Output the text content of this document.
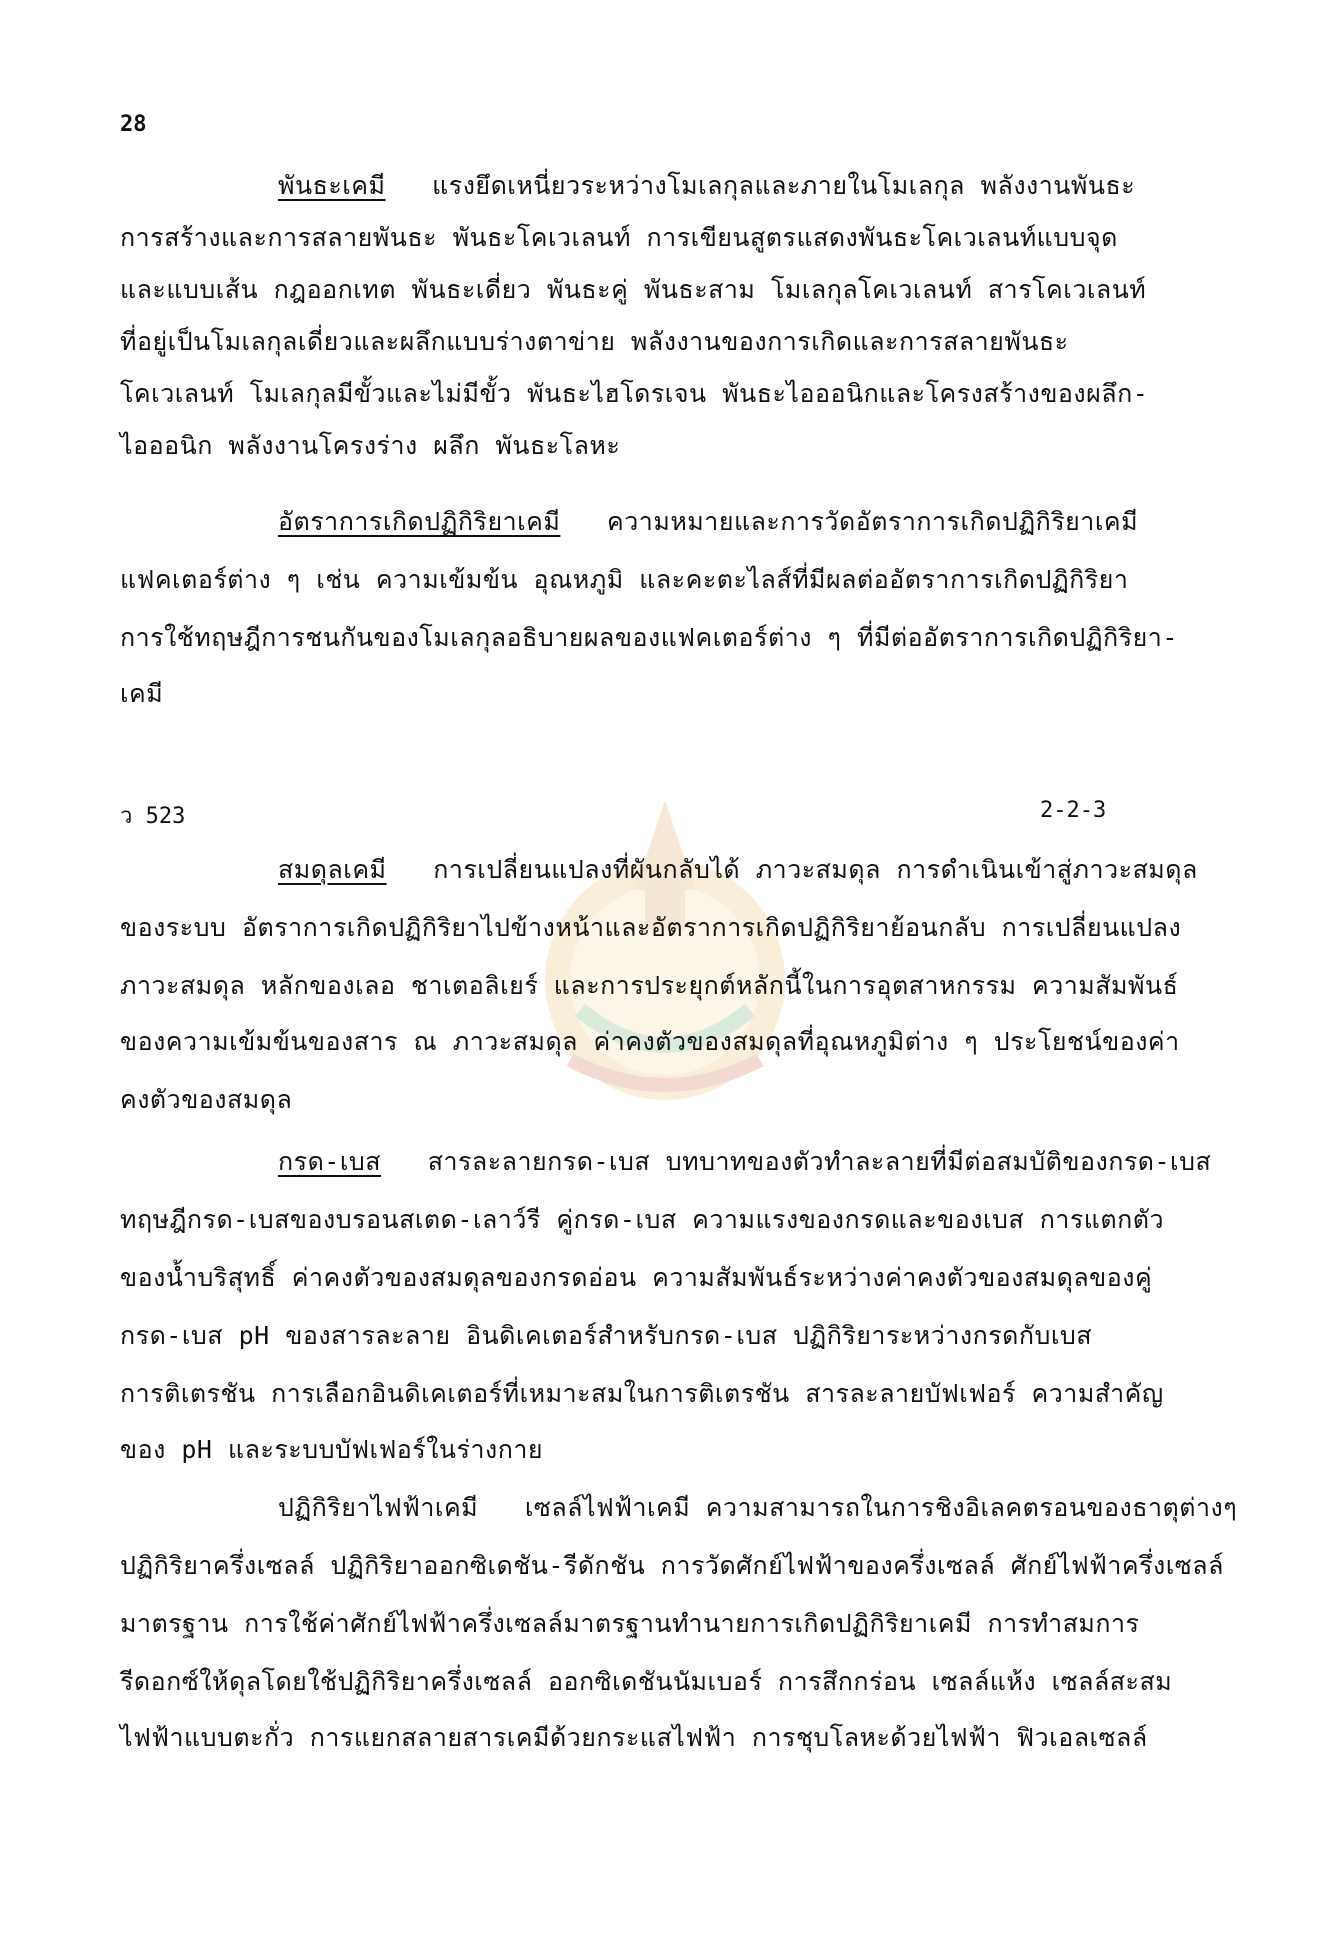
28
พันธะเคมี แรงยึดเหนี่ยวระหว่างโมเลกุลและภายในโมเลกุล พลังงานพันธะ
การสร้างและการสลายพันธะ พันธะโคเวเลนท์ การเขียนสูตรแสดงพันธะโคเวเลนท์แบบจุด
และแบบเส้น กฎออกเทต พันธะเดี่ยว พันธะคู่ พันธะสาม โมเลกุลโคเวเลนท์ สารโคเวเลนท์
ที่อยู่เป็นโมเลกุลเดี่ยวและผลึกแบบร่างตาข่าย พลังงานของการเกิดและการสลายพันธะ
โคเวเลนท์ โมเลกุลมีขั้วและไม่มีขั้ว พันธะไฮโดรเจน พันธะไอออนิกและโครงสร้างของผลึก-
ไอออนิก พลังงานโครงร่าง ผลึก พันธะโลหะ
อัตราการเกิดปฏิกิริยาเคมี ความหมายและการวัดอัตราการเกิดปฏิกิริยาเคมี
แฟคเตอร์ต่าง ๆ เช่น ความเข้มข้น อุณหภูมิ และคะตะไลส์ที่มีผลต่ออัตราการเกิดปฏิกิริยา
การใช้ทฤษฎีการชนกันของโมเลกุลอธิบายผลของแฟคเตอร์ต่าง ๆ ที่มีต่ออัตราการเกิดปฏิกิริยา-
เคมี
ว 523	2-2-3
สมดุลเคมี การเปลี่ยนแปลงที่ผันกลับได้ ภาวะสมดุล การดำเนินเข้าสู่ภาวะสมดุล
ของระบบ อัตราการเกิดปฏิกิริยาไปข้างหน้าและอัตราการเกิดปฏิกิริยาย้อนกลับ การเปลี่ยนแปลง
ภาวะสมดุล หลักของเลอ ชาเตอลิเยร์ และการประยุกต์หลักนี้ในการอุตสาหกรรม ความสัมพันธ์
ของความเข้มข้นของสาร ณ ภาวะสมดุล ค่าคงตัวของสมดุลที่อุณหภูมิต่าง ๆ ประโยชน์ของค่า
คงตัวของสมดุล
กรด-เบส สารละลายกรด-เบส บทบาทของตัวทำละลายที่มีต่อสมบัติของกรด-เบส
ทฤษฎีกรด-เบสของบรอนสเตด-เลาว์รี คู่กรด-เบส ความแรงของกรดและของเบส การแตกตัว
ของน้ำบริสุทธิ์ ค่าคงตัวของสมดุลของกรดอ่อน ความสัมพันธ์ระหว่างค่าคงตัวของสมดุลของคู่
กรด-เบส pH ของสารละลาย อินดิเคเตอร์สำหรับกรด-เบส ปฏิกิริยาระหว่างกรดกับเบส
การติเตรชัน การเลือกอินดิเคเตอร์ที่เหมาะสมในการติเตรชัน สารละลายบัฟเฟอร์ ความสำคัญ
ของ pH และระบบบัฟเฟอร์ในร่างกาย
ปฏิกิริยาไฟฟ้าเคมี เซลล์ไฟฟ้าเคมี ความสามารถในการชิงอิเลคตรอนของธาตุต่างๆ
ปฏิกิริยาครึ่งเซลล์ ปฏิกิริยาออกซิเดชัน-รีดักชัน การวัดศักย์ไฟฟ้าของครึ่งเซลล์ ศักย์ไฟฟ้าครึ่งเซลล์
มาตรฐาน การใช้ค่าศักย์ไฟฟ้าครึ่งเซลล์มาตรฐานทำนายการเกิดปฏิกิริยาเคมี การทำสมการ
รีดอกซ์ให้ดุลโดยใช้ปฏิกิริยาครึ่งเซลล์ ออกซิเดชันนัมเบอร์ การสึกกร่อน เซลล์แห้ง เซลล์สะสม
ไฟฟ้าแบบตะกั่ว การแยกสลายสารเคมีด้วยกระแสไฟฟ้า การชุบโลหะด้วยไฟฟ้า ฟิวเอลเซลล์
